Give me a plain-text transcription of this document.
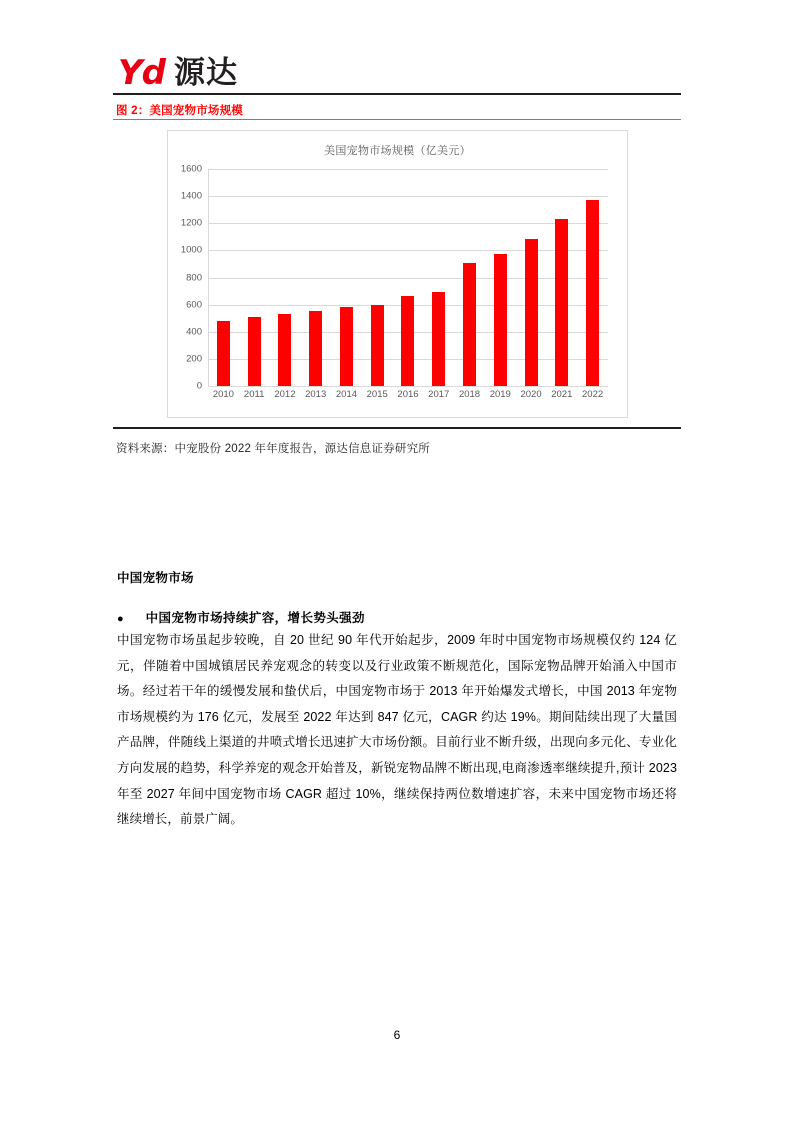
Yd 源达
图 2：美国宠物市场规模
美国宠物市场规模（亿美元）
0
200
400
600
800
1000
1200
1400
1600
2010	2011	2012	2013	2014	2015	2016	2017	2018	2019	2020	2021	2022
资料来源：中宠股份 2022 年年度报告，源达信息证券研究所
中国宠物市场
● 中国宠物市场持续扩容，增长势头强劲
中国宠物市场虽起步较晚，自 20 世纪 90 年代开始起步，2009 年时中国宠物市场规模仅约 124 亿元，伴随着中国城镇居民养宠观念的转变以及行业政策不断规范化，国际宠物品牌开始涌入中国市场。经过若干年的缓慢发展和蛰伏后，中国宠物市场于 2013 年开始爆发式增长，中国 2013 年宠物市场规模约为 176 亿元，发展至 2022 年达到 847 亿元，CAGR 约达 19%。期间陆续出现了大量国产品牌，伴随线上渠道的井喷式增长迅速扩大市场份额。目前行业不断升级，出现向多元化、专业化方向发展的趋势，科学养宠的观念开始普及，新锐宠物品牌不断出现,电商渗透率继续提升,预计 2023 年至 2027 年间中国宠物市场 CAGR 超过 10%，继续保持两位数增速扩容，未来中国宠物市场还将继续增长，前景广阔。
6
